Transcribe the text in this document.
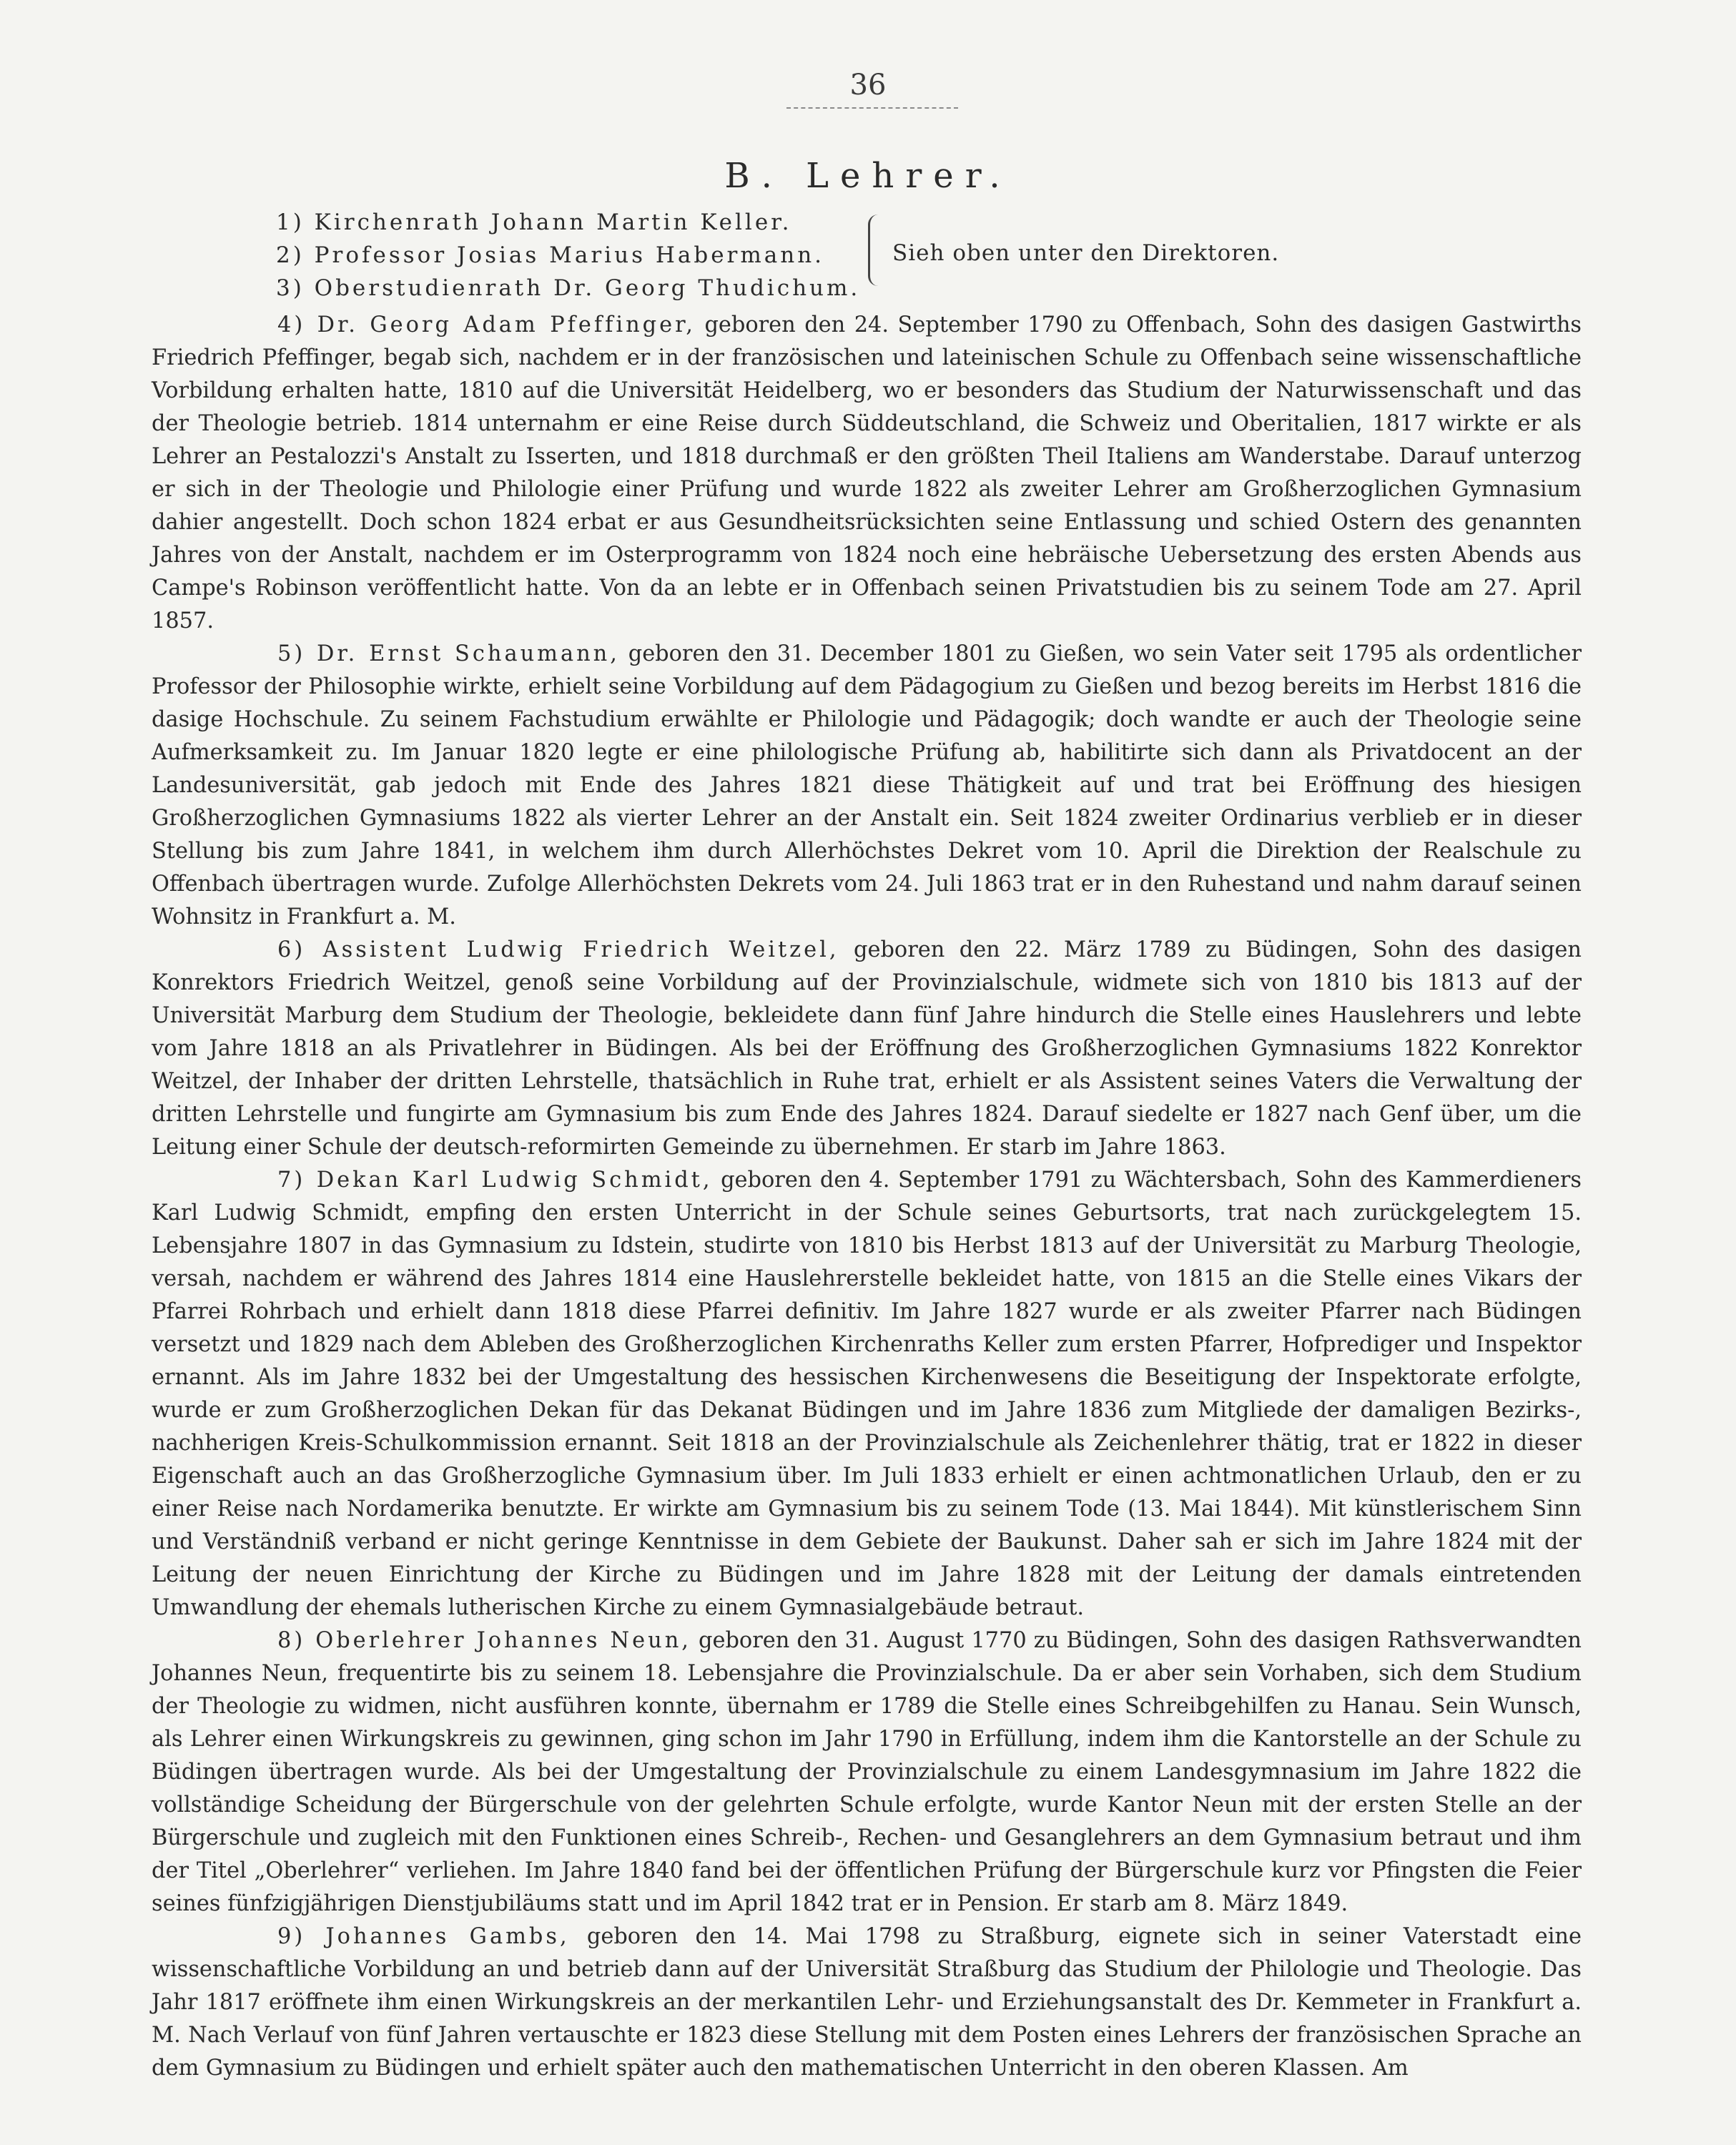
36
B. Lehrer.
1) Kirchenrath Johann Martin Keller.
2) Professor Josias Marius Habermann.
3) Oberstudienrath Dr. Georg Thudichum.
Sieh oben unter den Direktoren.

4) Dr. Georg Adam Pfeffinger, geboren den 24. September 1790 zu Offenbach, Sohn des dasigen Gastwirths Friedrich Pfeffinger, begab sich, nachdem er in der französischen und lateinischen Schule zu Offenbach seine wissenschaftliche Vorbildung erhalten hatte, 1810 auf die Universität Heidelberg, wo er besonders das Studium der Naturwissenschaft und das der Theologie betrieb. 1814 unternahm er eine Reise durch Süddeutschland, die Schweiz und Oberitalien, 1817 wirkte er als Lehrer an Pestalozzi's Anstalt zu Isserten, und 1818 durchmaß er den größten Theil Italiens am Wanderstabe. Darauf unterzog er sich in der Theologie und Philologie einer Prüfung und wurde 1822 als zweiter Lehrer am Großherzoglichen Gymnasium dahier angestellt. Doch schon 1824 erbat er aus Gesundheitsrücksichten seine Entlassung und schied Ostern des genannten Jahres von der Anstalt, nachdem er im Osterprogramm von 1824 noch eine hebräische Uebersetzung des ersten Abends aus Campe's Robinson veröffentlicht hatte. Von da an lebte er in Offenbach seinen Privatstudien bis zu seinem Tode am 27. April 1857.

5) Dr. Ernst Schaumann, geboren den 31. December 1801 zu Gießen, wo sein Vater seit 1795 als ordentlicher Professor der Philosophie wirkte, erhielt seine Vorbildung auf dem Pädagogium zu Gießen und bezog bereits im Herbst 1816 die dasige Hochschule. Zu seinem Fachstudium erwählte er Philologie und Pädagogik; doch wandte er auch der Theologie seine Aufmerksamkeit zu. Im Januar 1820 legte er eine philologische Prüfung ab, habilitirte sich dann als Privatdocent an der Landesuniversität, gab jedoch mit Ende des Jahres 1821 diese Thätigkeit auf und trat bei Eröffnung des hiesigen Großherzoglichen Gymnasiums 1822 als vierter Lehrer an der Anstalt ein. Seit 1824 zweiter Ordinarius verblieb er in dieser Stellung bis zum Jahre 1841, in welchem ihm durch Allerhöchstes Dekret vom 10. April die Direktion der Realschule zu Offenbach übertragen wurde. Zufolge Allerhöchsten Dekrets vom 24. Juli 1863 trat er in den Ruhestand und nahm darauf seinen Wohnsitz in Frankfurt a. M.

6) Assistent Ludwig Friedrich Weitzel, geboren den 22. März 1789 zu Büdingen, Sohn des dasigen Konrektors Friedrich Weitzel, genoß seine Vorbildung auf der Provinzialschule, widmete sich von 1810 bis 1813 auf der Universität Marburg dem Studium der Theologie, bekleidete dann fünf Jahre hindurch die Stelle eines Hauslehrers und lebte vom Jahre 1818 an als Privatlehrer in Büdingen. Als bei der Eröffnung des Großherzoglichen Gymnasiums 1822 Konrektor Weitzel, der Inhaber der dritten Lehrstelle, thatsächlich in Ruhe trat, erhielt er als Assistent seines Vaters die Verwaltung der dritten Lehrstelle und fungirte am Gymnasium bis zum Ende des Jahres 1824. Darauf siedelte er 1827 nach Genf über, um die Leitung einer Schule der deutsch-reformirten Gemeinde zu übernehmen. Er starb im Jahre 1863.

7) Dekan Karl Ludwig Schmidt, geboren den 4. September 1791 zu Wächtersbach, Sohn des Kammerdieners Karl Ludwig Schmidt, empfing den ersten Unterricht in der Schule seines Geburtsorts, trat nach zurückgelegtem 15. Lebensjahre 1807 in das Gymnasium zu Idstein, studirte von 1810 bis Herbst 1813 auf der Universität zu Marburg Theologie, versah, nachdem er während des Jahres 1814 eine Hauslehrerstelle bekleidet hatte, von 1815 an die Stelle eines Vikars der Pfarrei Rohrbach und erhielt dann 1818 diese Pfarrei definitiv. Im Jahre 1827 wurde er als zweiter Pfarrer nach Büdingen versetzt und 1829 nach dem Ableben des Großherzoglichen Kirchenraths Keller zum ersten Pfarrer, Hofprediger und Inspektor ernannt. Als im Jahre 1832 bei der Umgestaltung des hessischen Kirchenwesens die Beseitigung der Inspektorate erfolgte, wurde er zum Großherzoglichen Dekan für das Dekanat Büdingen und im Jahre 1836 zum Mitgliede der damaligen Bezirks-, nachherigen Kreis-Schulkommission ernannt. Seit 1818 an der Provinzialschule als Zeichenlehrer thätig, trat er 1822 in dieser Eigenschaft auch an das Großherzogliche Gymnasium über. Im Juli 1833 erhielt er einen achtmonatlichen Urlaub, den er zu einer Reise nach Nordamerika benutzte. Er wirkte am Gymnasium bis zu seinem Tode (13. Mai 1844). Mit künstlerischem Sinn und Verständniß verband er nicht geringe Kenntnisse in dem Gebiete der Baukunst. Daher sah er sich im Jahre 1824 mit der Leitung der neuen Einrichtung der Kirche zu Büdingen und im Jahre 1828 mit der Leitung der damals eintretenden Umwandlung der ehemals lutherischen Kirche zu einem Gymnasialgebäude betraut.

8) Oberlehrer Johannes Neun, geboren den 31. August 1770 zu Büdingen, Sohn des dasigen Rathsverwandten Johannes Neun, frequentirte bis zu seinem 18. Lebensjahre die Provinzialschule. Da er aber sein Vorhaben, sich dem Studium der Theologie zu widmen, nicht ausführen konnte, übernahm er 1789 die Stelle eines Schreibgehilfen zu Hanau. Sein Wunsch, als Lehrer einen Wirkungskreis zu gewinnen, ging schon im Jahr 1790 in Erfüllung, indem ihm die Kantorstelle an der Schule zu Büdingen übertragen wurde. Als bei der Umgestaltung der Provinzialschule zu einem Landesgymnasium im Jahre 1822 die vollständige Scheidung der Bürgerschule von der gelehrten Schule erfolgte, wurde Kantor Neun mit der ersten Stelle an der Bürgerschule und zugleich mit den Funktionen eines Schreib-, Rechen- und Gesanglehrers an dem Gymnasium betraut und ihm der Titel „Oberlehrer“ verliehen. Im Jahre 1840 fand bei der öffentlichen Prüfung der Bürgerschule kurz vor Pfingsten die Feier seines fünfzigjährigen Dienstjubiläums statt und im April 1842 trat er in Pension. Er starb am 8. März 1849.

9) Johannes Gambs, geboren den 14. Mai 1798 zu Straßburg, eignete sich in seiner Vaterstadt eine wissenschaftliche Vorbildung an und betrieb dann auf der Universität Straßburg das Studium der Philologie und Theologie. Das Jahr 1817 eröffnete ihm einen Wirkungskreis an der merkantilen Lehr- und Erziehungsanstalt des Dr. Kemmeter in Frankfurt a. M. Nach Verlauf von fünf Jahren vertauschte er 1823 diese Stellung mit dem Posten eines Lehrers der französischen Sprache an dem Gymnasium zu Büdingen und erhielt später auch den mathematischen Unterricht in den oberen Klassen. Am
